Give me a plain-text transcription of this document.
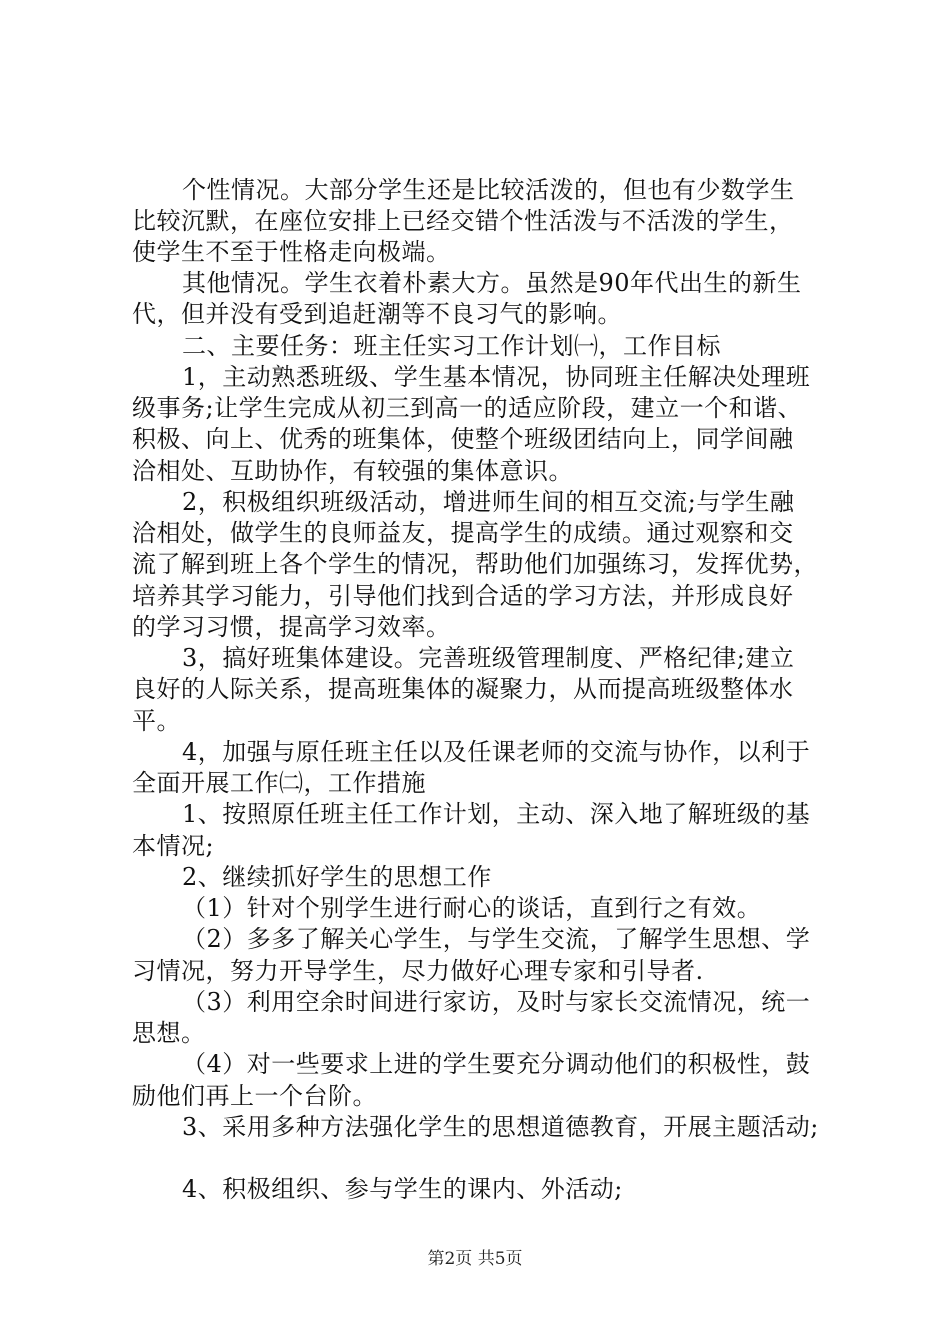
个性情况。大部分学生还是比较活泼的，但也有少数学生
比较沉默，在座位安排上已经交错个性活泼与不活泼的学生，
使学生不至于性格走向极端。
其他情况。学生衣着朴素大方。虽然是90年代出生的新生
代，但并没有受到追赶潮等不良习气的影响。
二、主要任务：班主任实习工作计划㈠，工作目标
1，主动熟悉班级、学生基本情况，协同班主任解决处理班
级事务;让学生完成从初三到高一的适应阶段，建立一个和谐、
积极、向上、优秀的班集体，使整个班级团结向上，同学间融
洽相处、互助协作，有较强的集体意识。
2，积极组织班级活动，增进师生间的相互交流;与学生融
洽相处，做学生的良师益友，提高学生的成绩。通过观察和交
流了解到班上各个学生的情况，帮助他们加强练习，发挥优势，
培养其学习能力，引导他们找到合适的学习方法，并形成良好
的学习习惯，提高学习效率。
3，搞好班集体建设。完善班级管理制度、严格纪律;建立
良好的人际关系，提高班集体的凝聚力，从而提高班级整体水
平。
4，加强与原任班主任以及任课老师的交流与协作，以利于
全面开展工作㈡，工作措施
1、按照原任班主任工作计划，主动、深入地了解班级的基
本情况;
2、继续抓好学生的思想工作
（1）针对个别学生进行耐心的谈话，直到行之有效。
（2）多多了解关心学生，与学生交流，了解学生思想、学
习情况，努力开导学生，尽力做好心理专家和引导者.
（3）利用空余时间进行家访，及时与家长交流情况，统一
思想。
（4）对一些要求上进的学生要充分调动他们的积极性，鼓
励他们再上一个台阶。
3、采用多种方法强化学生的思想道德教育，开展主题活动;
4、积极组织、参与学生的课内、外活动;
第2页 共5页
